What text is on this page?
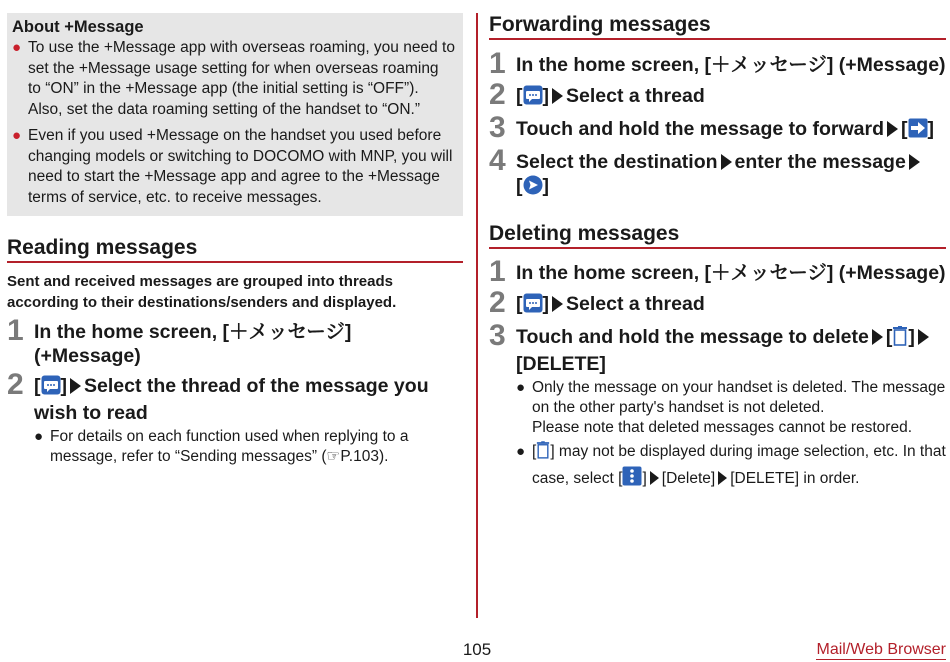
About +Message
● To use the +Message app with overseas roaming, you need to set the +Message usage setting for when overseas roaming to “ON” in the +Message app (the initial setting is “OFF”).
Also, set the data roaming setting of the handset to “ON.”
● Even if you used +Message on the handset you used before changing models or switching to DOCOMO with MNP, you will need to start the +Message app and agree to the +Message terms of service, etc. to receive messages.
Reading messages
Sent and received messages are grouped into threads according to their destinations/senders and displayed.
1 In the home screen, [＋メッセージ] (+Message)
2 [ ] Select the thread of the message you wish to read
● For details on each function used when replying to a message, refer to “Sending messages” (☞P.103).
Forwarding messages
1 In the home screen, [＋メッセージ] (+Message)
2 [ ] Select a thread
3 Touch and hold the message to forward [ ]
4 Select the destination enter the message
[ ]
Deleting messages
1 In the home screen, [＋メッセージ] (+Message)
2 [ ] Select a thread
3 Touch and hold the message to delete [ ]
[DELETE]
● Only the message on your handset is deleted. The message on the other party's handset is not deleted.
Please note that deleted messages cannot be restored.
● [ ] may not be displayed during image selection, etc. In that case, select [ ] [Delete] [DELETE] in order.
105	Mail/Web Browser
